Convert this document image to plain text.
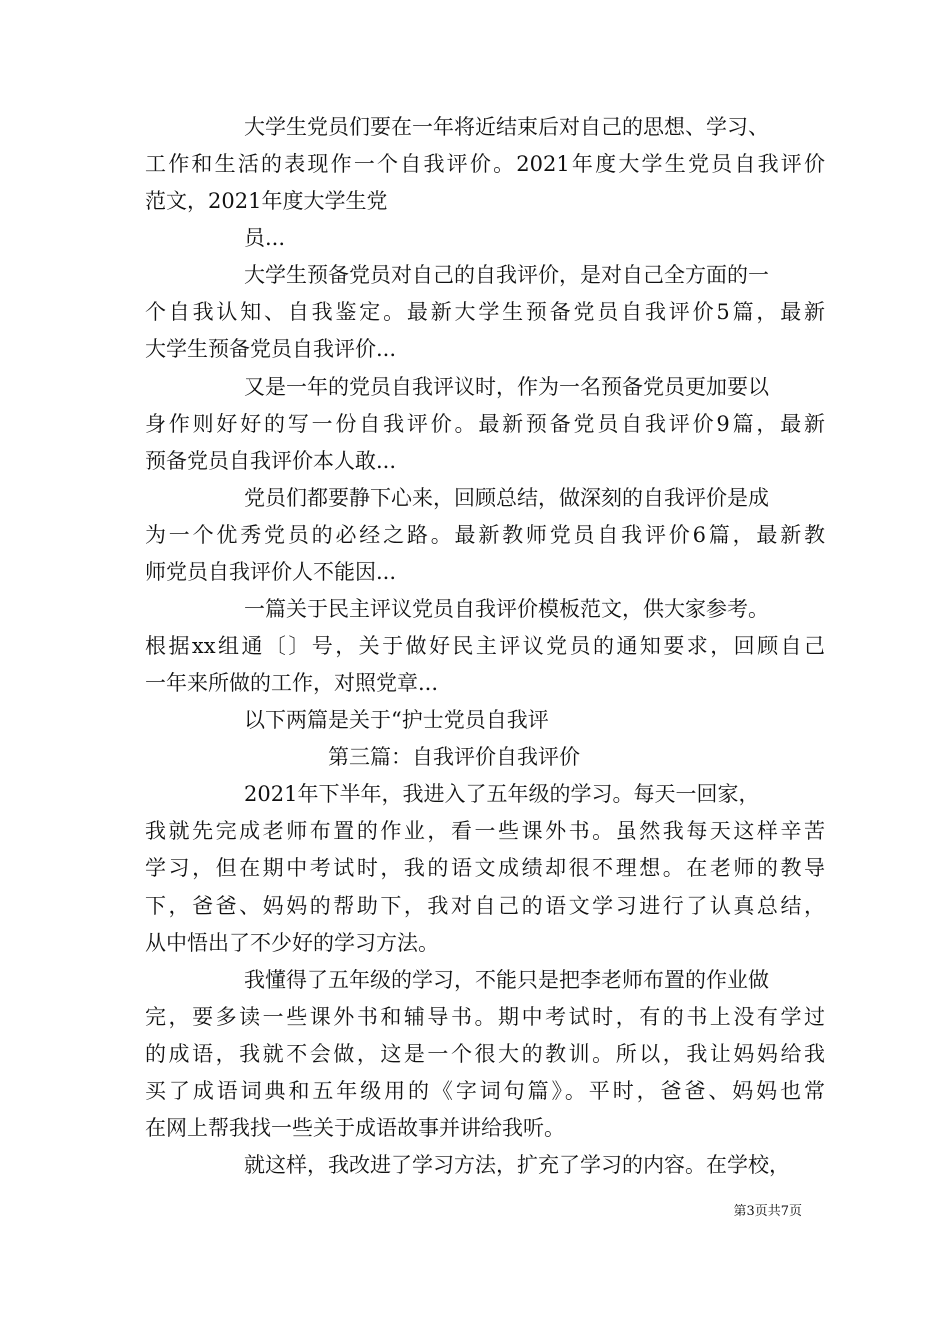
大学生党员们要在一年将近结束后对自己的思想、学习、
工作和生活的表现作一个自我评价。2021年度大学生党员自我评价
范文，2021年度大学生党
员...
大学生预备党员对自己的自我评价，是对自己全方面的一
个自我认知、自我鉴定。最新大学生预备党员自我评价5篇，最新
大学生预备党员自我评价...
又是一年的党员自我评议时，作为一名预备党员更加要以
身作则好好的写一份自我评价。最新预备党员自我评价9篇，最新
预备党员自我评价本人敢...
党员们都要静下心来，回顾总结，做深刻的自我评价是成
为一个优秀党员的必经之路。最新教师党员自我评价6篇，最新教
师党员自我评价人不能因...
一篇关于民主评议党员自我评价模板范文，供大家参考。
根据xx组通〔〕号，关于做好民主评议党员的通知要求，回顾自己
一年来所做的工作，对照党章...
以下两篇是关于“护士党员自我评
第三篇：自我评价自我评价
2021年下半年，我进入了五年级的学习。每天一回家，
我就先完成老师布置的作业，看一些课外书。虽然我每天这样辛苦
学习，但在期中考试时，我的语文成绩却很不理想。在老师的教导
下，爸爸、妈妈的帮助下，我对自己的语文学习进行了认真总结，
从中悟出了不少好的学习方法。
我懂得了五年级的学习，不能只是把李老师布置的作业做
完，要多读一些课外书和辅导书。期中考试时，有的书上没有学过
的成语，我就不会做，这是一个很大的教训。所以，我让妈妈给我
买了成语词典和五年级用的《字词句篇》。平时，爸爸、妈妈也常
在网上帮我找一些关于成语故事并讲给我听。
就这样，我改进了学习方法，扩充了学习的内容。在学校，
第3页共7页
